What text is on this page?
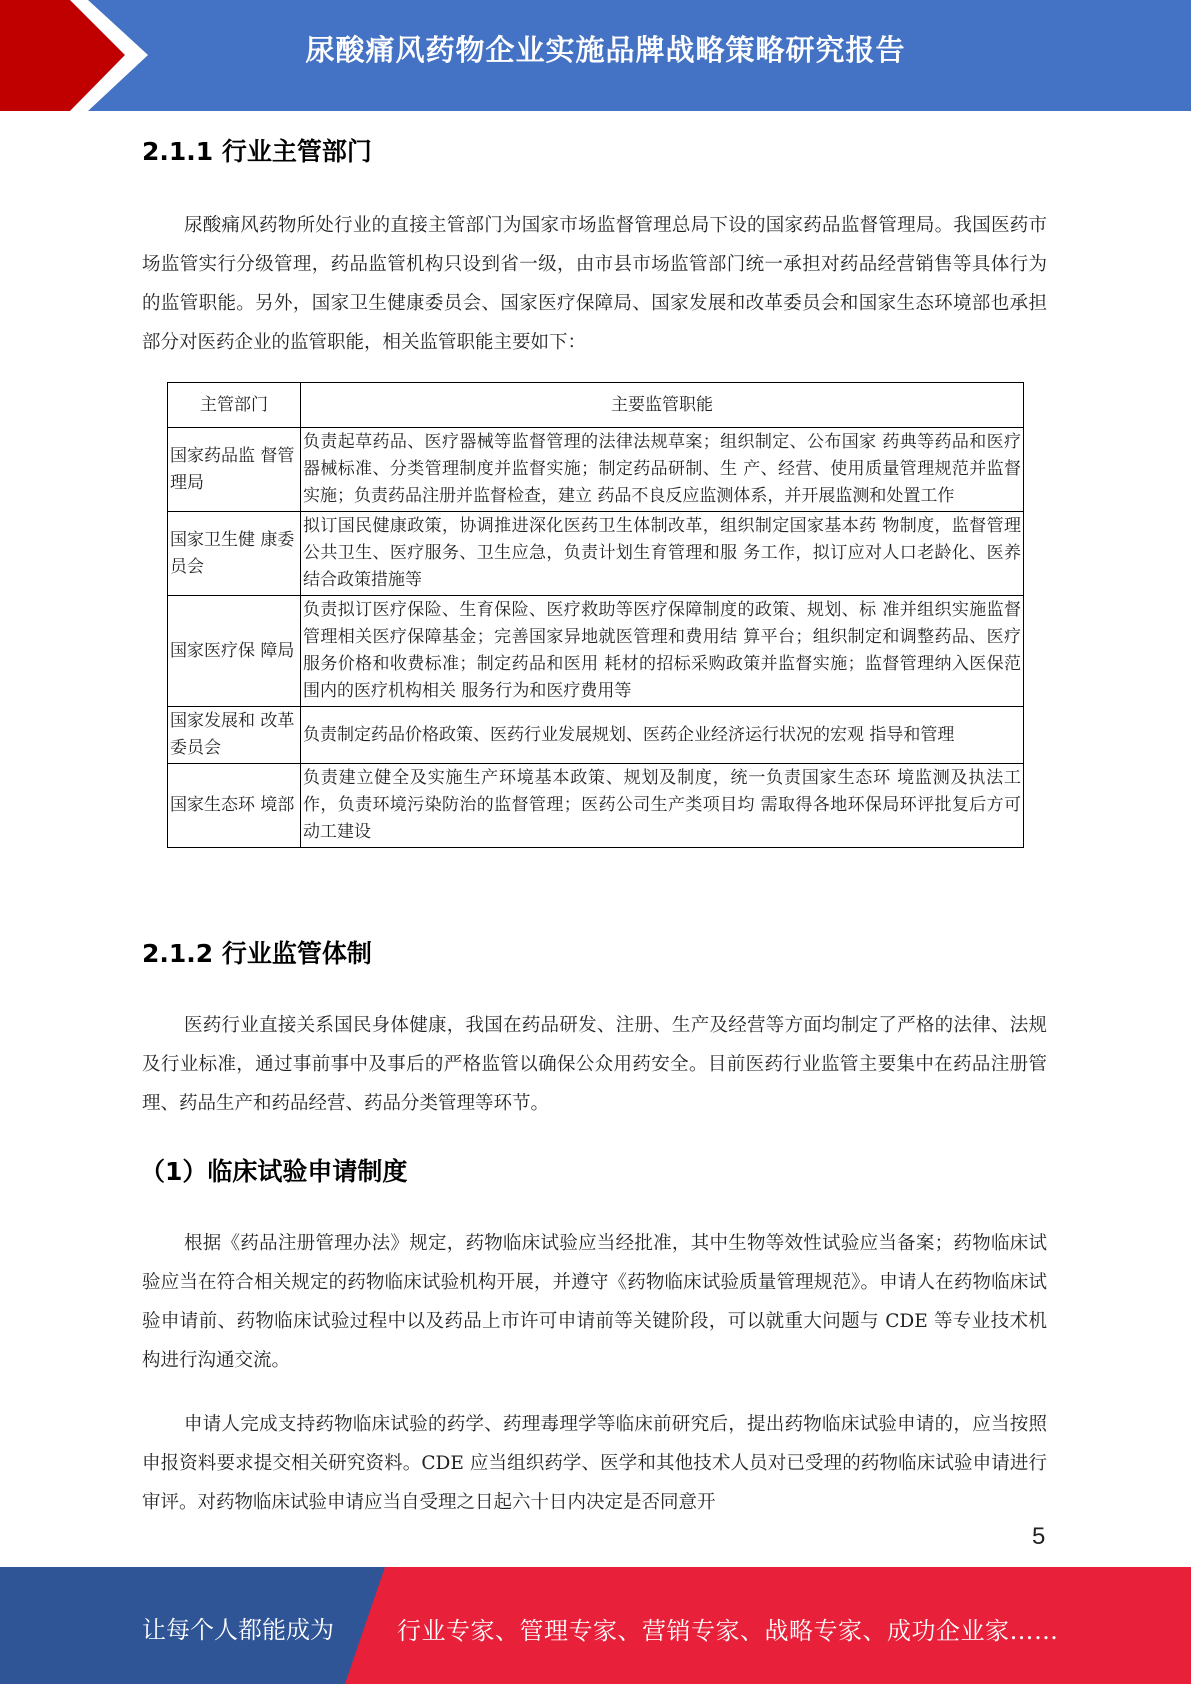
尿酸痛风药物企业实施品牌战略策略研究报告
2.1.1 行业主管部门

尿酸痛风药物所处行业的直接主管部门为国家市场监督管理总局下设的国家药品监督管理局。我国医药市场监管实行分级管理，药品监管机构只设到省一级，由市县市场监管部门统一承担对药品经营销售等具体行为的监管职能。另外，国家卫生健康委员会、国家医疗保障局、国家发展和改革委员会和国家生态环境部也承担部分对医药企业的监管职能，相关监管职能主要如下：

主管部门	主要监管职能
国家药品监 督管理局	负责起草药品、医疗器械等监督管理的法律法规草案；组织制定、公布国家 药典等药品和医疗器械标准、分类管理制度并监督实施；制定药品研制、生 产、经营、使用质量管理规范并监督实施；负责药品注册并监督检查，建立 药品不良反应监测体系，并开展监测和处置工作
国家卫生健 康委员会	拟订国民健康政策，协调推进深化医药卫生体制改革，组织制定国家基本药 物制度，监督管理公共卫生、医疗服务、卫生应急，负责计划生育管理和服 务工作，拟订应对人口老龄化、医养结合政策措施等
国家医疗保 障局	负责拟订医疗保险、生育保险、医疗救助等医疗保障制度的政策、规划、标 准并组织实施监督管理相关医疗保障基金；完善国家异地就医管理和费用结 算平台；组织制定和调整药品、医疗服务价格和收费标准；制定药品和医用 耗材的招标采购政策并监督实施；监督管理纳入医保范围内的医疗机构相关 服务行为和医疗费用等
国家发展和 改革委员会	负责制定药品价格政策、医药行业发展规划、医药企业经济运行状况的宏观 指导和管理
国家生态环 境部	负责建立健全及实施生产环境基本政策、规划及制度，统一负责国家生态环 境监测及执法工作，负责环境污染防治的监督管理；医药公司生产类项目均 需取得各地环保局环评批复后方可动工建设
2.1.2 行业监管体制

医药行业直接关系国民身体健康，我国在药品研发、注册、生产及经营等方面均制定了严格的法律、法规及行业标准，通过事前事中及事后的严格监管以确保公众用药安全。目前医药行业监管主要集中在药品注册管理、药品生产和药品经营、药品分类管理等环节。

（1）临床试验申请制度

根据《药品注册管理办法》规定，药物临床试验应当经批准，其中生物等效性试验应当备案；药物临床试验应当在符合相关规定的药物临床试验机构开展，并遵守《药物临床试验质量管理规范》。申请人在药物临床试验申请前、药物临床试验过程中以及药品上市许可申请前等关键阶段，可以就重大问题与 CDE 等专业技术机构进行沟通交流。

申请人完成支持药物临床试验的药学、药理毒理学等临床前研究后，提出药物临床试验申请的，应当按照申报资料要求提交相关研究资料。CDE 应当组织药学、医学和其他技术人员对已受理的药物临床试验申请进行审评。对药物临床试验申请应当自受理之日起六十日内决定是否同意开

5
让每个人都能成为	行业专家、管理专家、营销专家、战略专家、成功企业家……
